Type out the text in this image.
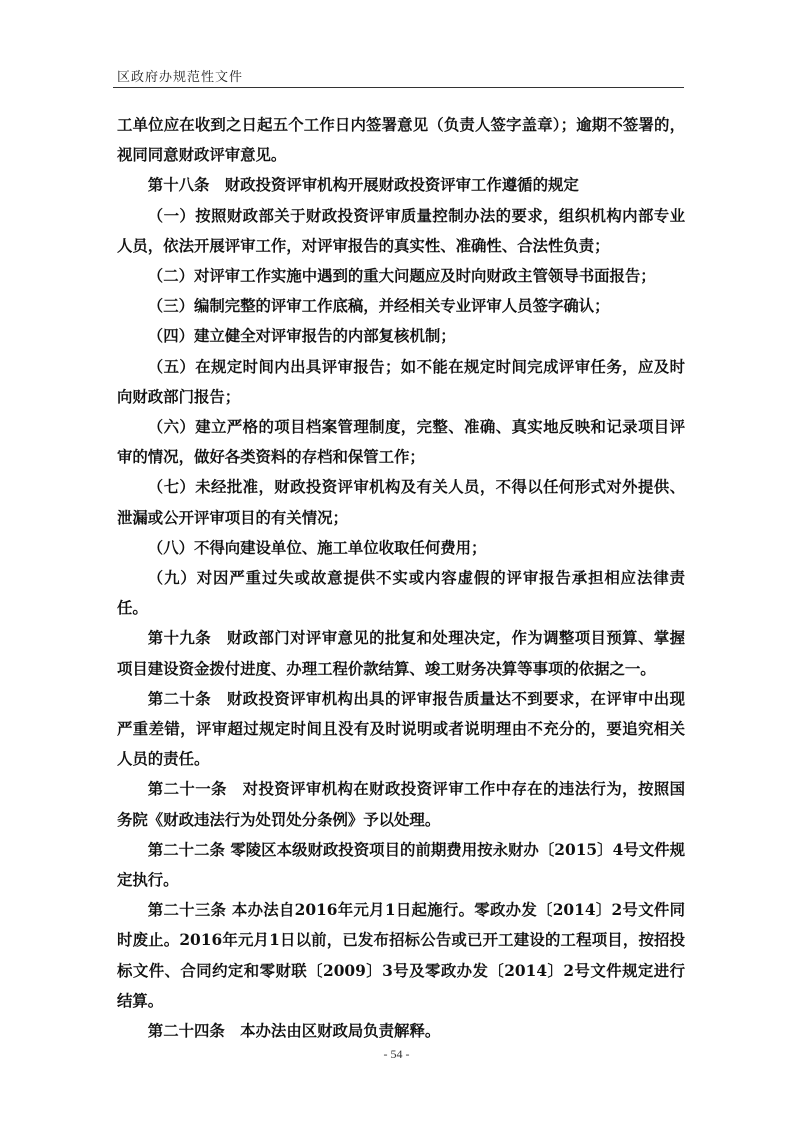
区政府办规范性文件

工单位应在收到之日起五个工作日内签署意见（负责人签字盖章）；逾期不签署的，视同同意财政评审意见。

第十八条　财政投资评审机构开展财政投资评审工作遵循的规定

（一）按照财政部关于财政投资评审质量控制办法的要求，组织机构内部专业人员，依法开展评审工作，对评审报告的真实性、准确性、合法性负责；

（二）对评审工作实施中遇到的重大问题应及时向财政主管领导书面报告；

（三）编制完整的评审工作底稿，并经相关专业评审人员签字确认；

（四）建立健全对评审报告的内部复核机制；

（五）在规定时间内出具评审报告；如不能在规定时间完成评审任务，应及时向财政部门报告；

（六）建立严格的项目档案管理制度，完整、准确、真实地反映和记录项目评审的情况，做好各类资料的存档和保管工作；

（七）未经批准，财政投资评审机构及有关人员，不得以任何形式对外提供、泄漏或公开评审项目的有关情况；

（八）不得向建设单位、施工单位收取任何费用；

（九）对因严重过失或故意提供不实或内容虚假的评审报告承担相应法律责任。

第十九条　财政部门对评审意见的批复和处理决定，作为调整项目预算、掌握项目建设资金拨付进度、办理工程价款结算、竣工财务决算等事项的依据之一。

第二十条　财政投资评审机构出具的评审报告质量达不到要求，在评审中出现严重差错，评审超过规定时间且没有及时说明或者说明理由不充分的，要追究相关人员的责任。

第二十一条　对投资评审机构在财政投资评审工作中存在的违法行为，按照国务院《财政违法行为处罚处分条例》予以处理。

第二十二条 零陵区本级财政投资项目的前期费用按永财办〔2015〕4号文件规定执行。

第二十三条 本办法自2016年元月1日起施行。零政办发〔2014〕2号文件同时废止。2016年元月1日以前，已发布招标公告或已开工建设的工程项目，按招投标文件、合同约定和零财联〔2009〕3号及零政办发〔2014〕2号文件规定进行结算。

第二十四条　本办法由区财政局负责解释。

- 54 -
